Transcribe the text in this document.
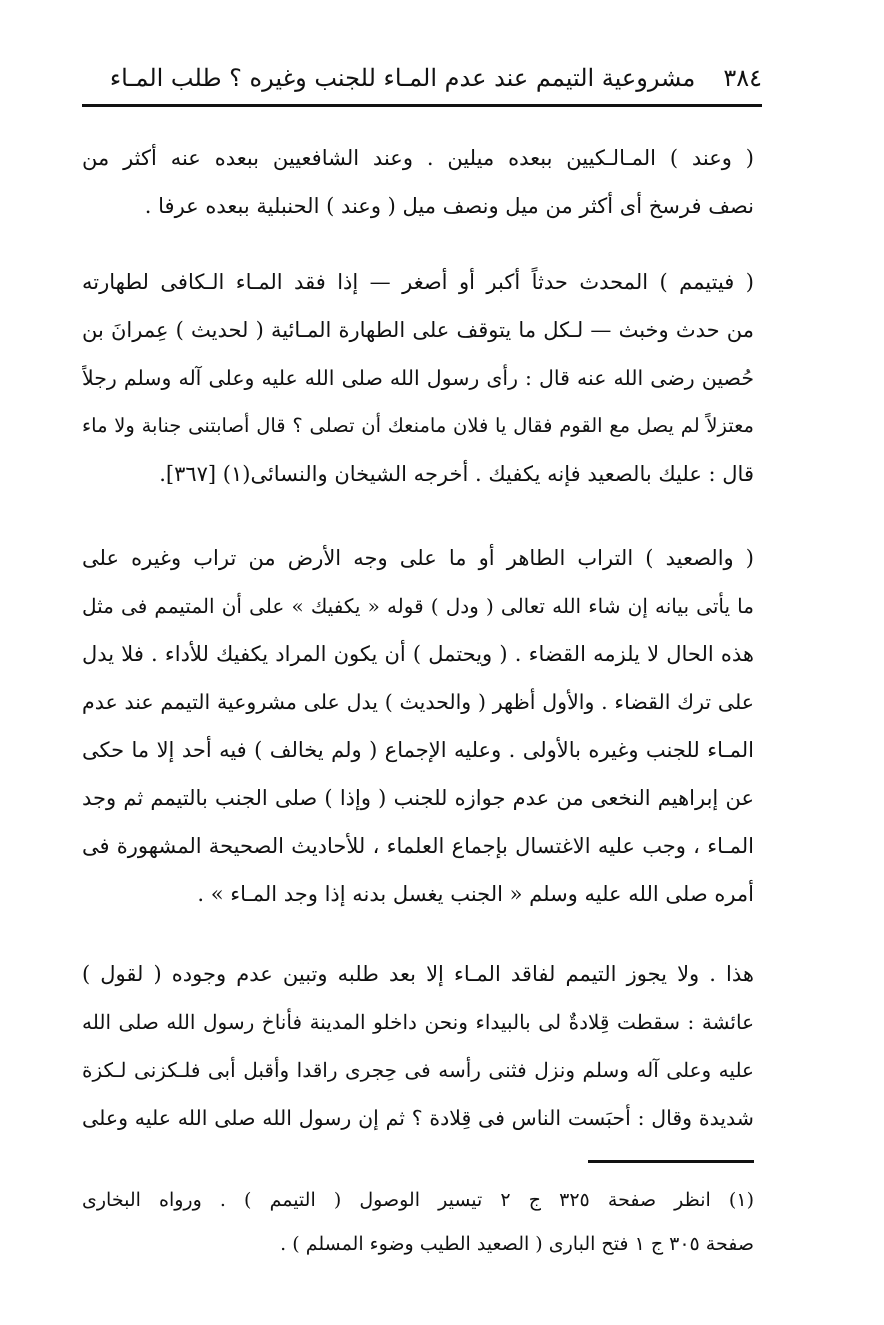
٣٨٤
مشروعية التيمم عند عدم المـاء للجنب وغيره ؟ طلب المـاء
( وعند ) المـالـكيين ببعده ميلين . وعند الشافعيين ببعده عنه أكثر من
نصف فرسخ أى أكثر من ميل ونصف ميل ( وعند ) الحنبلية ببعده عرفا .
( فيتيمم ) المحدث حدثاً أكبر أو أصغر — إذا فقد المـاء الـكافى لطهارته
من حدث وخبث — لـكل ما يتوقف على الطهارة المـائية ( لحديث ) عِمرانَ بن
حُصين رضى الله عنه قال : رأى رسول الله صلى الله عليه وعلى آله وسلم رجلاً
معتزلاً لم يصل مع القوم فقال يا فلان مامنعك أن تصلى ؟ قال أصابتنى جنابة ولا ماء
قال : عليك بالصعيد فإنه يكفيك . أخرجه الشيخان والنسائى(١) [٣٦٧].
( والصعيد ) التراب الطاهر أو ما على وجه الأرض من تراب وغيره على
ما يأتى بيانه إن شاء الله تعالى ( ودل ) قوله « يكفيك » على أن المتيمم فى مثل
هذه الحال لا يلزمه القضاء . ( ويحتمل ) أن يكون المراد يكفيك للأداء . فلا يدل
على ترك القضاء . والأول أظهر ( والحديث ) يدل على مشروعية التيمم عند عدم
المـاء للجنب وغيره بالأولى . وعليه الإجماع ( ولم يخالف ) فيه أحد إلا ما حكى
عن إبراهيم النخعى من عدم جوازه للجنب ( وإذا ) صلى الجنب بالتيمم ثم وجد
المـاء ، وجب عليه الاغتسال بإجماع العلماء ، للأحاديث الصحيحة المشهورة فى
أمره صلى الله عليه وسلم « الجنب يغسل بدنه إذا وجد المـاء » .
هذا . ولا يجوز التيمم لفاقد المـاء إلا بعد طلبه وتبين عدم وجوده ( لقول )
عائشة : سقطت قِلادةٌ لى بالبيداء ونحن داخلو المدينة فأناخ رسول الله صلى الله
عليه وعلى آله وسلم ونزل فثنى رأسه فى حِجرى راقدا وأقبل أبى فلـكزنى لـكزة
شديدة وقال : أحبَست الناس فى قِلادة ؟ ثم إن رسول الله صلى الله عليه وعلى
(١) انظر صفحة ٣٢٥ ج ٢ تيسير الوصول ( التيمم ) . ورواه البخارى
صفحة ٣٠٥ ج ١ فتح البارى ( الصعيد الطيب وضوء المسلم ) .
